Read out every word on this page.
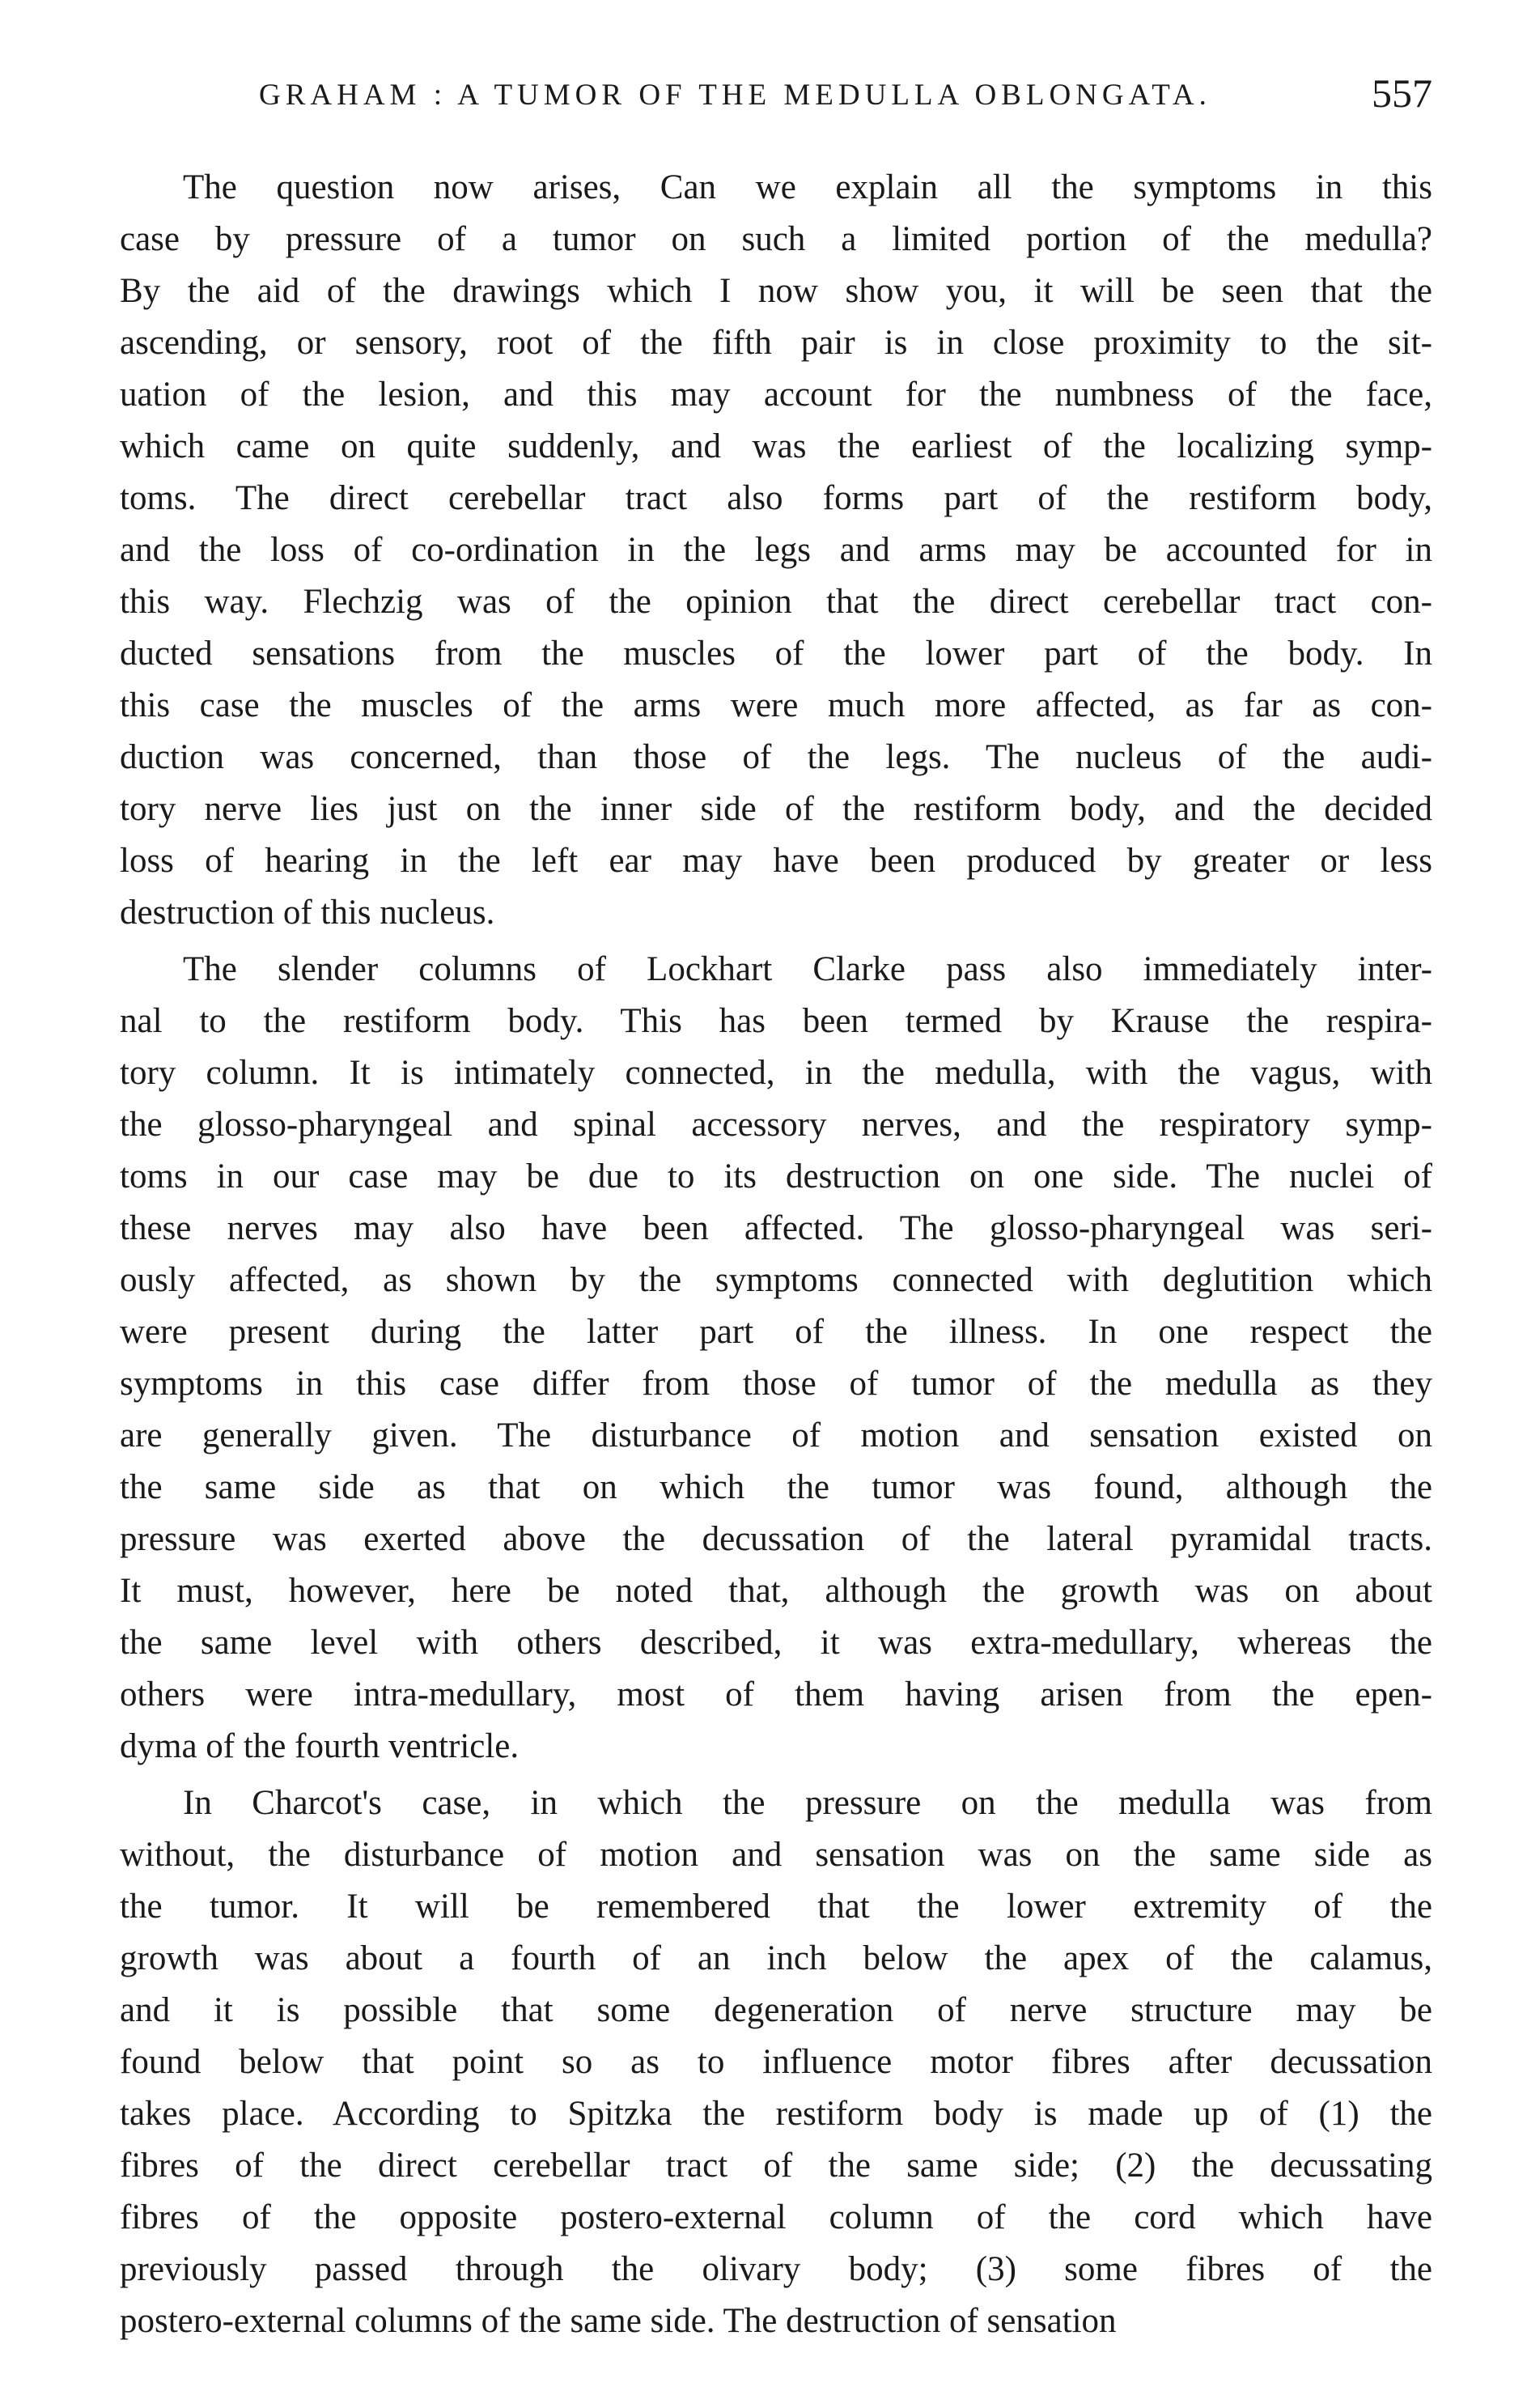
GRAHAM : A TUMOR OF THE MEDULLA OBLONGATA.	557
The question now arises, Can we explain all the symptoms in this
case by pressure of a tumor on such a limited portion of the medulla?
By the aid of the drawings which I now show you, it will be seen that the
ascending, or sensory, root of the fifth pair is in close proximity to the sit-
uation of the lesion, and this may account for the numbness of the face,
which came on quite suddenly, and was the earliest of the localizing symp-
toms. The direct cerebellar tract also forms part of the restiform body,
and the loss of co-ordination in the legs and arms may be accounted for in
this way. Flechzig was of the opinion that the direct cerebellar tract con-
ducted sensations from the muscles of the lower part of the body. In
this case the muscles of the arms were much more affected, as far as con-
duction was concerned, than those of the legs. The nucleus of the audi-
tory nerve lies just on the inner side of the restiform body, and the decided
loss of hearing in the left ear may have been produced by greater or less
destruction of this nucleus.
The slender columns of Lockhart Clarke pass also immediately inter-
nal to the restiform body. This has been termed by Krause the respira-
tory column. It is intimately connected, in the medulla, with the vagus, with
the glosso-pharyngeal and spinal accessory nerves, and the respiratory symp-
toms in our case may be due to its destruction on one side. The nuclei of
these nerves may also have been affected. The glosso-pharyngeal was seri-
ously affected, as shown by the symptoms connected with deglutition which
were present during the latter part of the illness. In one respect the
symptoms in this case differ from those of tumor of the medulla as they
are generally given. The disturbance of motion and sensation existed on
the same side as that on which the tumor was found, although the
pressure was exerted above the decussation of the lateral pyramidal tracts.
It must, however, here be noted that, although the growth was on about
the same level with others described, it was extra-medullary, whereas the
others were intra-medullary, most of them having arisen from the epen-
dyma of the fourth ventricle.
In Charcot's case, in which the pressure on the medulla was from
without, the disturbance of motion and sensation was on the same side as
the tumor. It will be remembered that the lower extremity of the
growth was about a fourth of an inch below the apex of the calamus,
and it is possible that some degeneration of nerve structure may be
found below that point so as to influence motor fibres after decussation
takes place. According to Spitzka the restiform body is made up of (1) the
fibres of the direct cerebellar tract of the same side; (2) the decussating
fibres of the opposite postero-external column of the cord which have
previously passed through the olivary body; (3) some fibres of the
postero-external columns of the same side. The destruction of sensation
